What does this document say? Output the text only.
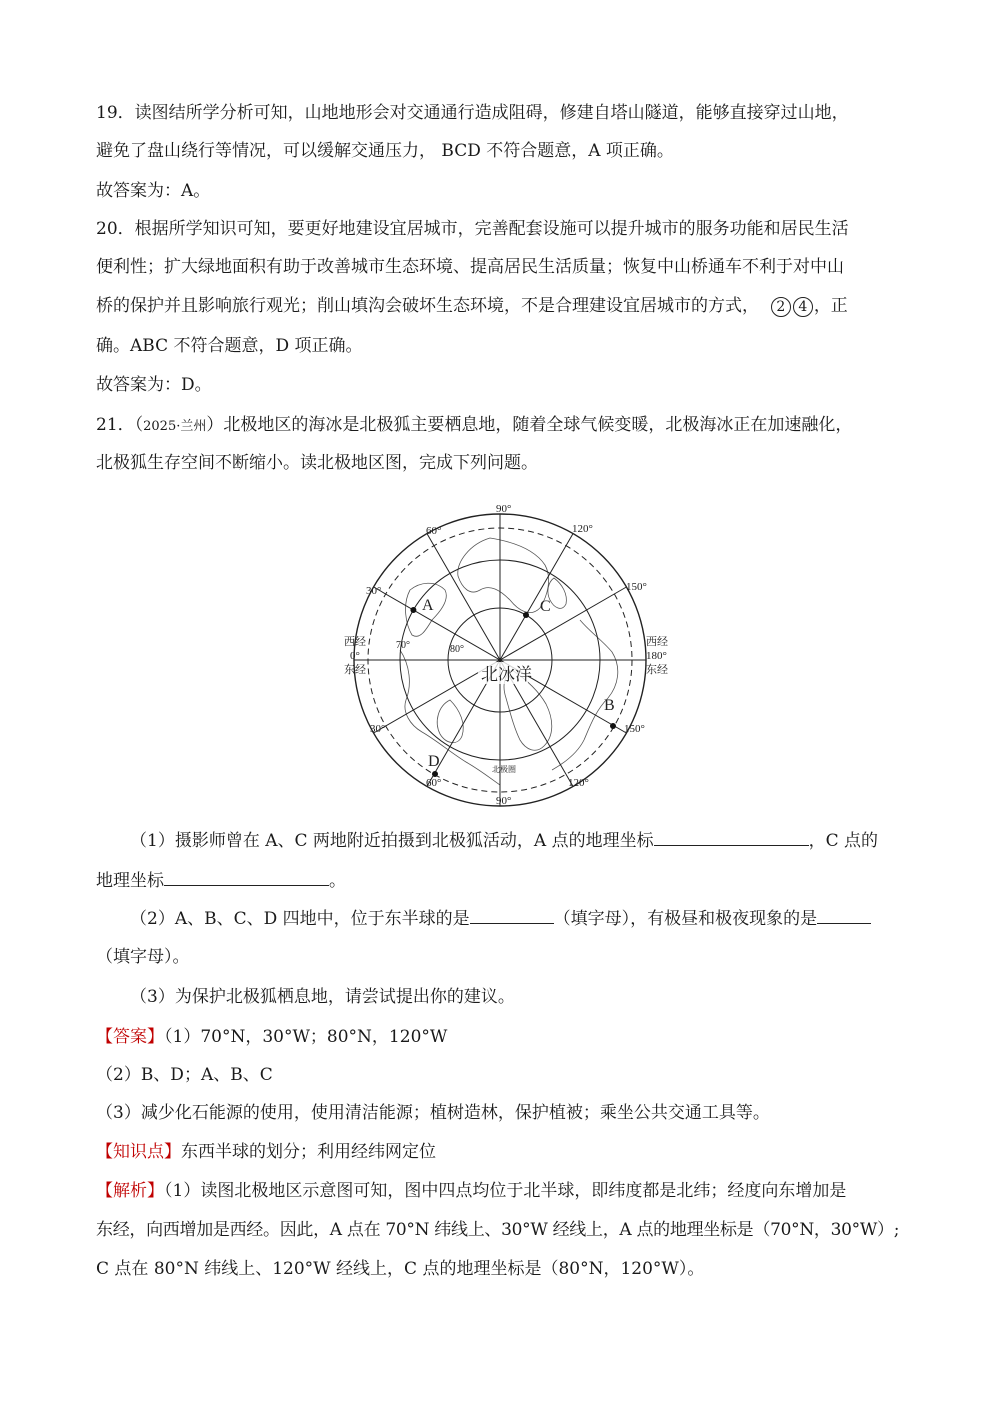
19．读图结所学分析可知，山地地形会对交通通行造成阻碍，修建自塔山隧道，能够直接穿过山地，
避免了盘山绕行等情况，可以缓解交通压力， BCD 不符合题意，A 项正确。
故答案为：A。
20．根据所学知识可知，要更好地建设宜居城市，完善配套设施可以提升城市的服务功能和居民生活
便利性；扩大绿地面积有助于改善城市生态环境、提高居民生活质量；恢复中山桥通车不利于对中山
桥的保护并且影响旅行观光；削山填沟会破坏生态环境，不是合理建设宜居城市的方式， 2 4 ，正
确。ABC 不符合题意，D 项正确。
故答案为：D。
21．（2025·兰州）北极地区的海冰是北极狐主要栖息地，随着全球气候变暖，北极海冰正在加速融化，
北极狐生存空间不断缩小。读北极地区图，完成下列问题。
A
B
C
D
北冰洋
北极圈
70°	80°
90°
90°
60°	120°
30°	150°
30°	150°
60°	120°
西经
0°
东经
西经
180°
东经
（1）摄影师曾在 A、C 两地附近拍摄到北极狐活动，A 点的地理坐标	，C 点的
地理坐标	。
（2）A、B、C、D 四地中，位于东半球的是	（填字母），有极昼和极夜现象的是
（填字母）。
（3）为保护北极狐栖息地，请尝试提出你的建议。
【答案】（1）70°N，30°W；80°N，120°W
（2）B、D；A、B、C
（3）减少化石能源的使用，使用清洁能源；植树造林，保护植被；乘坐公共交通工具等。
【知识点】东西半球的划分；利用经纬网定位
【解析】（1）读图北极地区示意图可知，图中四点均位于北半球，即纬度都是北纬；经度向东增加是
东经，向西增加是西经。因此，A 点在 70°N 纬线上、30°W 经线上，A 点的地理坐标是（70°N，30°W）;
C 点在 80°N 纬线上、120°W 经线上，C 点的地理坐标是（80°N，120°W）。
